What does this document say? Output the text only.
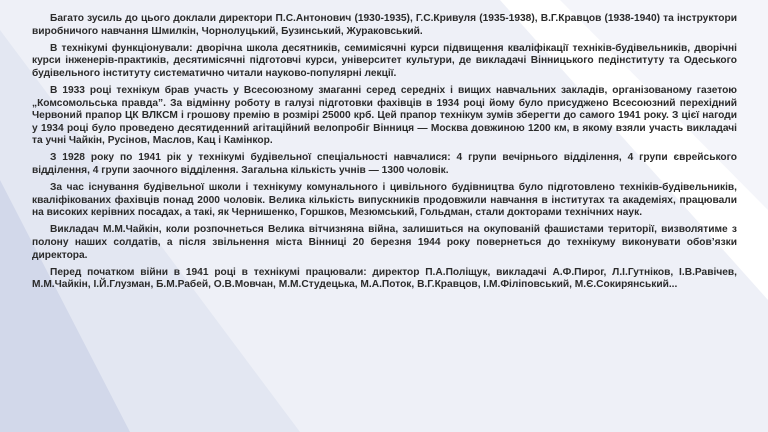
Багато зусиль до цього доклали директори П.С.Антонович (1930-1935), Г.С.Кривуля (1935-1938), В.Г.Кравцов (1938-1940) та інструктори виробничого навчання Шмилкін, Чорнолуцький, Бузинський, Жураковський.

В технікумі функціонували: дворічна школа десятників, семимісячні курси підвищення кваліфікації техніків-будівельників, дворічні курси інженерів-практиків, десятимісячні підготовчі курси, університет культури, де викладачі Вінницького педінституту та Одеського будівельного інституту систематично читали науково-популярні лекції.

В 1933 році технікум брав участь у Всесоюзному змаганні серед середніх і вищих навчальних закладів, організованому газетою „Комсомольська правда”. За відмінну роботу в галузі підготовки фахівців в 1934 році йому було присуджено Всесоюзний перехідний Червоний прапор ЦК ВЛКСМ і грошову премію в розмірі 25000 крб. Цей прапор технікум зумів зберегти до самого 1941 року. З цієї нагоди у 1934 році було проведено десятиденний агітаційний велопробіг Вінниця — Москва довжиною 1200 км, в якому взяли участь викладачі та учні Чайкін, Русінов, Маслов, Кац і Камінкор.

З 1928 року по 1941 рік у технікумі будівельної спеціальності навчалися: 4 групи вечірнього відділення, 4 групи єврейського відділення, 4 групи заочного відділення. Загальна кількість учнів — 1300 чоловік.

За час існування будівельної школи і технікуму комунального і цивільного будівництва було підготовлено техніків-будівельників, кваліфікованих фахівців понад 2000 чоловік. Велика кількість випускників продовжили навчання в інститутах та академіях, працювали на високих керівних посадах, а такі, як Чернишенко, Горшков, Мезюмський, Гольдман, стали докторами технічних наук.

Викладач М.М.Чайкін, коли розпочнеться Велика вітчизняна війна, залишиться на окупованій фашистами території, визволятиме з полону наших солдатів, а після звільнення міста Вінниці 20 березня 1944 року повернеться до технікуму виконувати обов’язки директора.

Перед початком війни в 1941 році в технікумі працювали: директор П.А.Поліщук, викладачі А.Ф.Пирог, Л.І.Гутніков, І.В.Равічев, М.М.Чайкін, І.Й.Глузман, Б.М.Рабей, О.В.Мовчан, М.М.Студецька, М.А.Поток, В.Г.Кравцов, І.М.Філіповський, М.Є.Сокирянський...
